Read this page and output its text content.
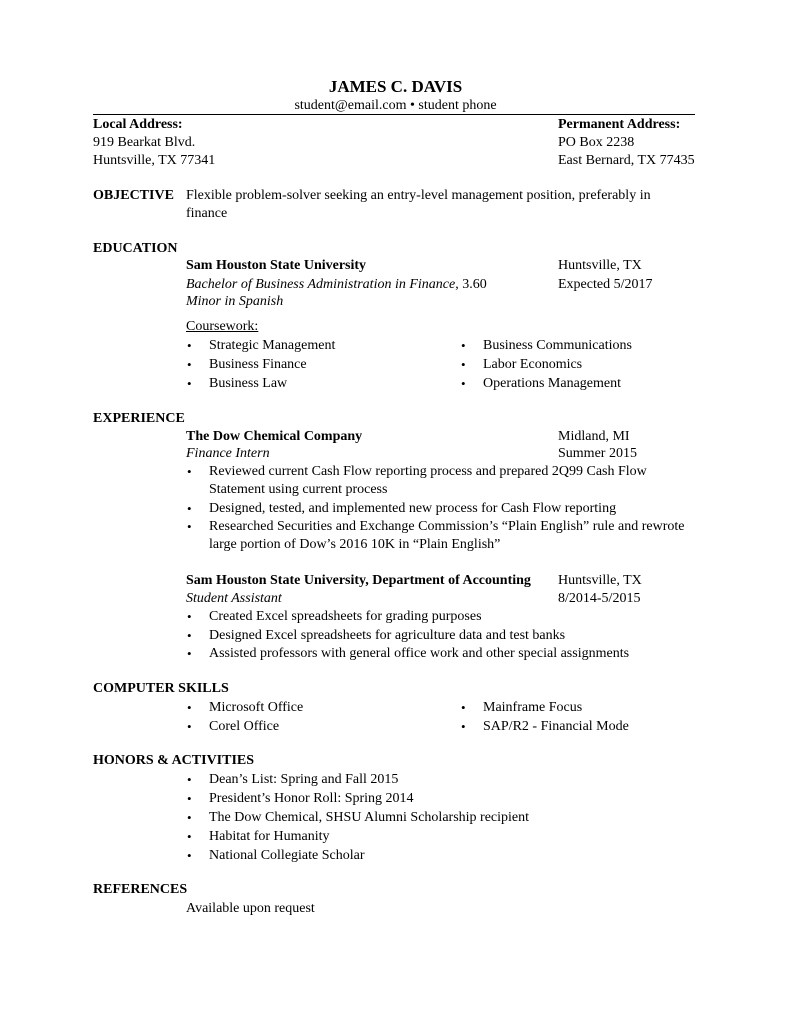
JAMES C. DAVIS
student@email.com • student phone
Local Address:
919 Bearkat Blvd.
Huntsville, TX 77341
Permanent Address:
PO Box 2238
East Bernard, TX 77435
OBJECTIVE Flexible problem-solver seeking an entry-level management position, preferably in
finance
EDUCATION
Sam Houston State University	Huntsville, TX
Bachelor of Business Administration in Finance, 3.60	Expected 5/2017
Minor in Spanish
Coursework:
• Strategic Management
• Business Finance
• Business Law
• Business Communications
• Labor Economics
• Operations Management
EXPERIENCE
The Dow Chemical Company	Midland, MI
Finance Intern	Summer 2015
• Reviewed current Cash Flow reporting process and prepared 2Q99 Cash Flow
Statement using current process
• Designed, tested, and implemented new process for Cash Flow reporting
• Researched Securities and Exchange Commission’s “Plain English” rule and rewrote
large portion of Dow’s 2016 10K in “Plain English”
Sam Houston State University, Department of Accounting Huntsville, TX
Student Assistant	8/2014-5/2015
• Created Excel spreadsheets for grading purposes
• Designed Excel spreadsheets for agriculture data and test banks
• Assisted professors with general office work and other special assignments
COMPUTER SKILLS
• Microsoft Office
• Corel Office
• Mainframe Focus
• SAP/R2 - Financial Mode
HONORS & ACTIVITIES
• Dean’s List: Spring and Fall 2015
• President’s Honor Roll: Spring 2014
• The Dow Chemical, SHSU Alumni Scholarship recipient
• Habitat for Humanity
• National Collegiate Scholar
REFERENCES
Available upon request
